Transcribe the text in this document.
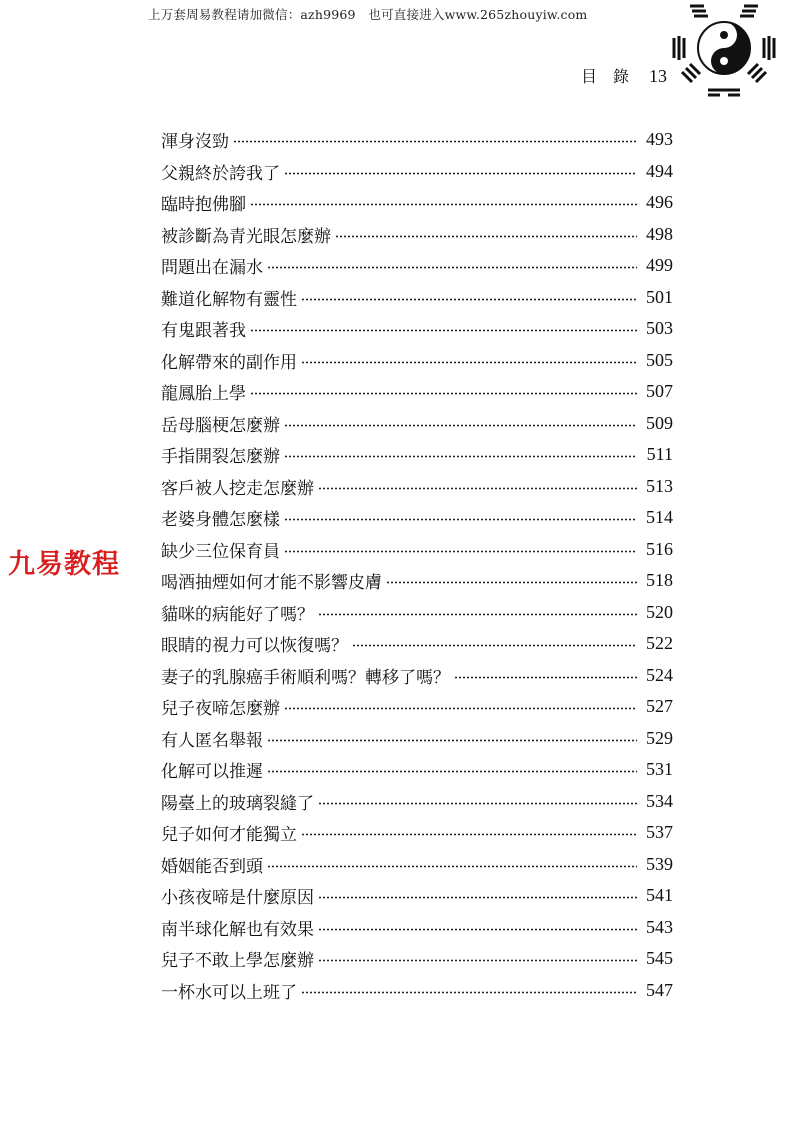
上万套周易教程请加微信：azh9969　也可直接进入www.265zhouyiw.com
目錄 13
九易教程
渾身沒勁	493
父親終於誇我了	494
臨時抱佛腳	496
被診斷為青光眼怎麼辦	498
問題出在漏水	499
難道化解物有靈性	501
有鬼跟著我	503
化解帶來的副作用	505
龍鳳胎上學	507
岳母腦梗怎麼辦	509
手指開裂怎麼辦	511
客戶被人挖走怎麼辦	513
老婆身體怎麼樣	514
缺少三位保育員	516
喝酒抽煙如何才能不影響皮膚	518
貓咪的病能好了嗎？	520
眼睛的視力可以恢復嗎？	522
妻子的乳腺癌手術順利嗎？轉移了嗎？	524
兒子夜啼怎麼辦	527
有人匿名舉報	529
化解可以推遲	531
陽臺上的玻璃裂縫了	534
兒子如何才能獨立	537
婚姻能否到頭	539
小孩夜啼是什麼原因	541
南半球化解也有效果	543
兒子不敢上學怎麼辦	545
一杯水可以上班了	547
